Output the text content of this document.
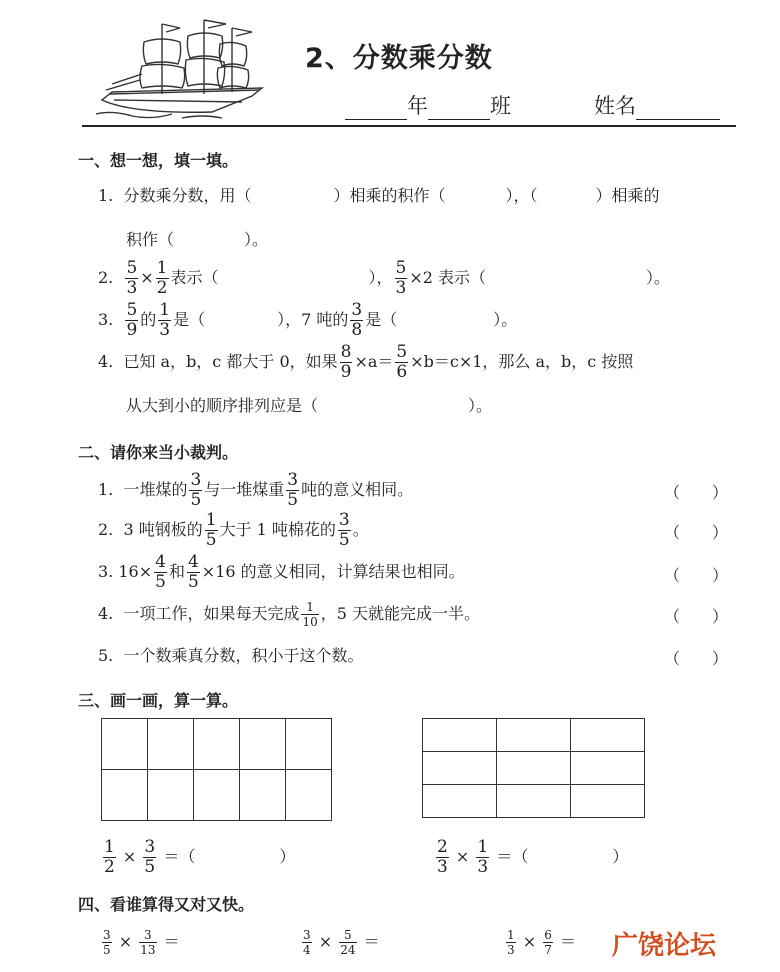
2、分数乘分数
年	班	姓名
一、想一想，填一填。
1. 分数乘分数，用（	）相乘的积作（	），（	）相乘的
积作（	）。
2.
$\frac{5}{3} \times \frac{1}{2}$ 表示（	）， $\frac{5}{3} \times 2$ 表示（	）。
3.
$\frac{5}{9}$ 的 $\frac{1}{3}$ 是（	），7 吨的 $\frac{3}{8}$ 是（	）。
4.
已知 a，b，c 都大于 0，如果 $\frac{8}{9} \times a= \frac{5}{6} \times b=c\times 1$，那么 a，b，c 按照
从大到小的顺序排列应是（	）。
二、请你来当小裁判。
1.
一堆煤的 $\frac{3}{5}$ 与一堆煤重 $\frac{3}{5}$ 吨的意义相同。	（　　）
2.
3 吨钢板的 $\frac{1}{5}$ 大于 1 吨棉花的 $\frac{3}{5}$ 。	（　　）
3.
$16\times \frac{4}{5}$ 和 $\frac{4}{5} \times 16$ 的意义相同，计算结果也相同。	（　　）
4.
一项工作，如果每天完成 $\frac{1}{10}$ ，5 天就能完成一半。	（　　）
5. 一个数乘真分数，积小于这个数。	（　　）
三、画一画，算一算。

$\frac{1}{2}$
×
$\frac{3}{5}$
＝（	）	$\frac{2}{3}$
×
$\frac{1}{3}$
＝（	）
四、看谁算得又对又快。
$\frac{3}{5}$
×
$\frac{3}{13}$
＝	$\frac{3}{4}$
×
$\frac{5}{24}$
＝	$\frac{1}{3}$
×
$\frac{6}{7}$
＝ 广饶论坛
